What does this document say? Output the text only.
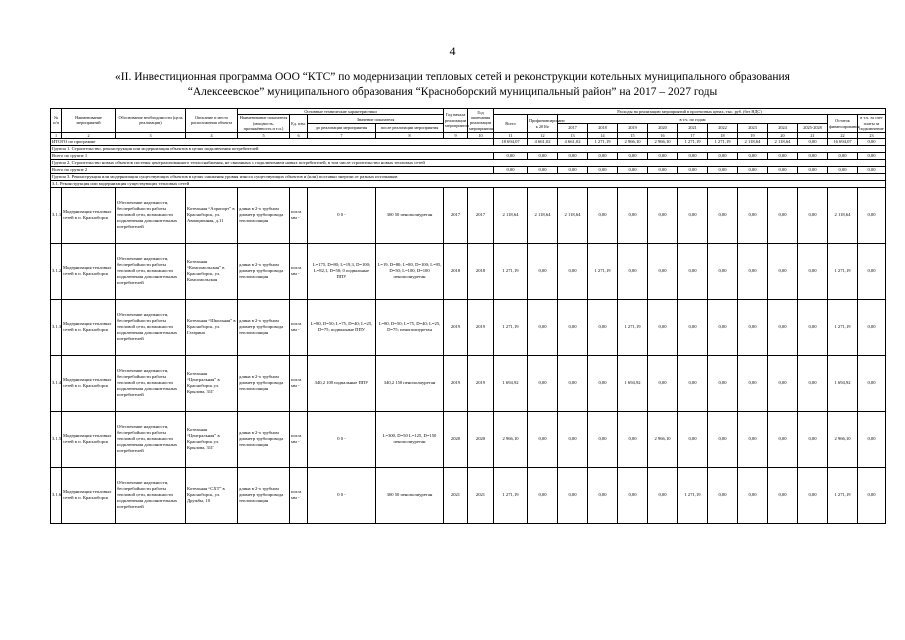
4
«II. Инвестиционная программа ООО “КТС” по модернизации тепловых сетей и реконструкции котельных муниципального образования
“Алексеевское” муниципального образования “Красноборский муниципальный район” на 2017 – 2027 годы
№ п/п	Наименование мероприятий	Обоснование необходимости (цель реализации)	Описание и место расположения объекта	Основные технические характеристики				Год начала реализации мероприятия	Год окончания реализации мероприятия	Расходы на реализацию мероприятий в прогнозных ценах, тыс. руб. (без НДС)												
				Наименование показателя (мощность, протяжённость и т.п.)	Ед. изм.	Значение показателя				Всего	Профинансировано к 2016г	в т.ч. по годам									Остаток финансирования	в т.ч. за счет платы за подключение
						до реализации мероприятия	после реализации мероприятия					2017	2018	2019	2020	2021	2022	2023	2024	2025-2028		
1	2	3	4	5	6	7	8	9	10	11	12	13	14	15	16	17	18	19	20	21	22	23
ИТОГО по программе										18 694,07	4 661,02	4 661,02	1 271,19	2 966,10	2 966,10	1 271,19	1 271,19	2 118,64	2 118,64	0,00	16 694,07	0,00
Группа 1. Строительство, реконструкция или модернизация объектов в целях подключения потребителей																						
Всего по группе 1										0,00	0,00	0,00	0,00	0,00	0,00	0,00	0,00	0,00	0,00	0,00	0,00	0,00
Группа 2. Строительство новых объектов системы централизованного теплоснабжения, не связанных с подключением новых потребителей, в том числе строительство новых тепловых сетей																						
Всего по группе 2										0,00	0,00	0,00	0,00	0,00	0,00	0,00	0,00	0,00	0,00	0,00	0,00	0,00
Группа 3. Реконструкция или модернизация существующих объектов в целях снижения уровня износа существующих объектов и (или) поставки энергии от разных источников																						
3.1. Реконструкция или модернизация существующих тепловых сетей																						
3.1.1	Модернизация тепловых сетей в п. Красноборск	Обеспечение надежности, бесперебойности работы тепловой сети, возможности подключения дополнительных потребителей	Котельная “Аэропорт” в Красноборск, ул. Авиационная, д.11	длина в 2-х трубном диаметр трубопровода теплоизоляция	пог.м мм -	0 0 -	300 50 пенополиуретан	2017	2017	2 118,64	2 118,64	2 118,64	0,00	0,00	0,00	0,00	0,00	0,00	0,00	0,00	2 118,64	0,00
3.1.2	Модернизация тепловых сетей в п. Красноборск	Обеспечение надежности, бесперебойности работы тепловой сети, возможности подключения дополнительных потребителей	Котельная “Комсомольская” в Красноборск, ул. Комсомольская	длина в 2-х трубном диаметр трубопровода теплоизоляция	пог.м мм -	L=175, D=80; L=19,3, D=100; L=82,1, D=50; 0 подвальные ППУ	L=19, D=80; L=80, D=100; L=95, D=50; L=100, D=100 пенополиуретан	2018	2018	1 271,19	0,00	0,00	1 271,19	0,00	0,00	0,00	0,00	0,00	0,00	0,00	1 271,19	0,00
3.1.3	Модернизация тепловых сетей в п. Красноборск	Обеспечение надежности, бесперебойности работы тепловой сети, возможности подключения дополнительных потребителей	Котельная “Школьная” в Красноборск, ул. Гагарина	длина в 2-х трубном диаметр трубопровода теплоизоляция	пог.м мм -	L=80, D=50; L=75, D=40; L=25, D=75; подвальные ППУ	L=80, D=50; L=75, D=40; L=25, D=75; пенополиуретан	2019	2019	1 271,19	0,00	0,00	0,00	1 271,19	0,00	0,00	0,00	0,00	0,00	0,00	1 271,19	0,00
3.1.4	Модернизация тепловых сетей в п. Красноборск	Обеспечение надежности, бесперебойности работы тепловой сети, возможности подключения дополнительных потребителей	Котельная “Центральная” в Красноборск ул. Крылова, 31Г	длина в 2-х трубном диаметр трубопровода теплоизоляция	пог.м мм -	340,2 100 подвальные ППУ	340,2 150 пенополиуретан	2019	2019	1 694,92	0,00	0,00	0,00	1 694,92	0,00	0,00	0,00	0,00	0,00	0,00	1 694,92	0,00
3.1.5	Модернизация тепловых сетей в п. Красноборск	Обеспечение надежности, бесперебойности работы тепловой сети, возможности подключения дополнительных потребителей	Котельная “Центральная” в Красноборск ул. Крылова, 31Г	длина в 2-х трубном диаметр трубопровода теплоизоляция	пог.м мм -	0 0 -	L=300, D=50 L=125, D=150 пенополиуретан	2020	2020	2 966,10	0,00	0,00	0,00	0,00	2 966,10	0,00	0,00	0,00	0,00	0,00	2 966,10	0,00
3.1.6	Модернизация тепловых сетей в п. Красноборск	Обеспечение надежности, бесперебойности работы тепловой сети, возможности подключения дополнительных потребителей	Котельная “СХТ” в Красноборск, ул. Дружбы, 10	длина в 2-х трубном диаметр трубопровода теплоизоляция	пог.м мм -	0 0 -	300 50 пенополиуретан	2021	2021	1 271,19	0,00	0,00	0,00	0,00	0,00	1 271,19	0,00	0,00	0,00	0,00	1 271,19	0,00
